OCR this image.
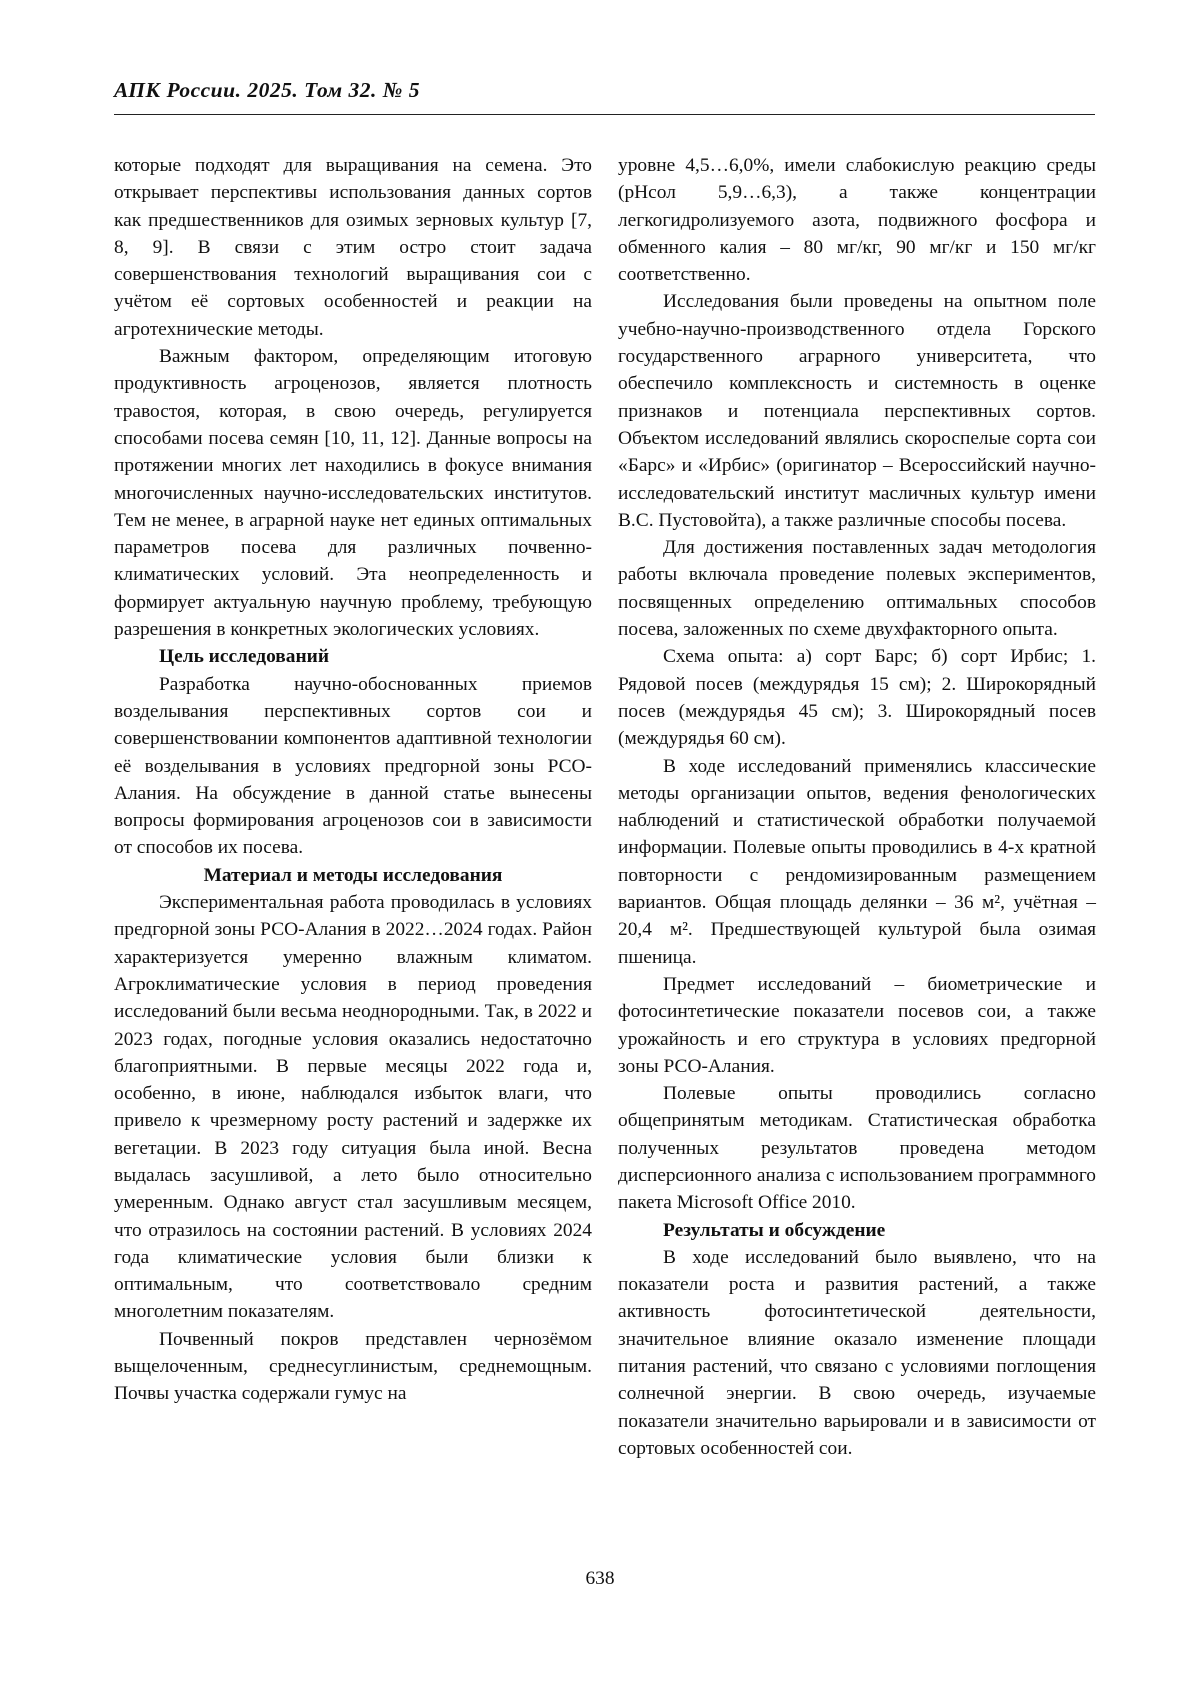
АПК России. 2025. Том 32. № 5

которые подходят для выращивания на семена. Это открывает перспективы использования данных сортов как предшественников для озимых зерновых культур [7, 8, 9]. В связи с этим остро стоит задача совершенствования технологий выращивания сои с учётом её сортовых особенностей и реакции на агротехнические методы.

Важным фактором, определяющим итоговую продуктивность агроценозов, является плотность травостоя, которая, в свою очередь, регулируется способами посева семян [10, 11, 12]. Данные вопросы на протяжении многих лет находились в фокусе внимания многочисленных научно-исследовательских институтов. Тем не менее, в аграрной науке нет единых оптимальных параметров посева для различных почвенно-климатических условий. Эта неопределенность и формирует актуальную научную проблему, требующую разрешения в конкретных экологических условиях.

Цель исследований

Разработка научно-обоснованных приемов возделывания перспективных сортов сои и совершенствовании компонентов адаптивной технологии её возделывания в условиях предгорной зоны РСО-Алания. На обсуждение в данной статье вынесены вопросы формирования агроценозов сои в зависимости от способов их посева.

Материал и методы исследования

Экспериментальная работа проводилась в условиях предгорной зоны РСО-Алания в 2022…2024 годах. Район характеризуется умеренно влажным климатом. Агроклиматические условия в период проведения исследований были весьма неоднородными. Так, в 2022 и 2023 годах, погодные условия оказались недостаточно благоприятными. В первые месяцы 2022 года и, особенно, в июне, наблюдался избыток влаги, что привело к чрезмерному росту растений и задержке их вегетации. В 2023 году ситуация была иной. Весна выдалась засушливой, а лето было относительно умеренным. Однако август стал засушливым месяцем, что отразилось на состоянии растений. В условиях 2024 года климатические условия были близки к оптимальным, что соответствовало средним многолетним показателям.

Почвенный покров представлен чернозёмом выщелоченным, среднесуглинистым, среднемощным. Почвы участка содержали гумус на

уровне 4,5…6,0%, имели слабокислую реакцию среды (pHсол 5,9…6,3), а также концентрации легкогидролизуемого азота, подвижного фосфора и обменного калия – 80 мг/кг, 90 мг/кг и 150 мг/кг соответственно.

Исследования были проведены на опытном поле учебно-научно-производственного отдела Горского государственного аграрного университета, что обеспечило комплексность и системность в оценке признаков и потенциала перспективных сортов. Объектом исследований являлись скороспелые сорта сои «Барс» и «Ирбис» (оригинатор – Всероссийский научно-исследовательский институт масличных культур имени В.С. Пустовойта), а также различные способы посева.

Для достижения поставленных задач методология работы включала проведение полевых экспериментов, посвященных определению оптимальных способов посева, заложенных по схеме двухфакторного опыта.

Схема опыта: а) сорт Барс; б) сорт Ирбис; 1. Рядовой посев (междурядья 15 см); 2. Широкорядный посев (междурядья 45 см); 3. Широкорядный посев (междурядья 60 см).

В ходе исследований применялись классические методы организации опытов, ведения фенологических наблюдений и статистической обработки получаемой информации. Полевые опыты проводились в 4-х кратной повторности с рендомизированным размещением вариантов. Общая площадь делянки – 36 м², учётная – 20,4 м². Предшествующей культурой была озимая пшеница.

Предмет исследований – биометрические и фотосинтетические показатели посевов сои, а также урожайность и его структура в условиях предгорной зоны РСО-Алания.

Полевые опыты проводились согласно общепринятым методикам. Статистическая обработка полученных результатов проведена методом дисперсионного анализа с использованием программного пакета Microsoft Office 2010.

Результаты и обсуждение

В ходе исследований было выявлено, что на показатели роста и развития растений, а также активность фотосинтетической деятельности, значительное влияние оказало изменение площади питания растений, что связано с условиями поглощения солнечной энергии. В свою очередь, изучаемые показатели значительно варьировали и в зависимости от сортовых особенностей сои.

638
